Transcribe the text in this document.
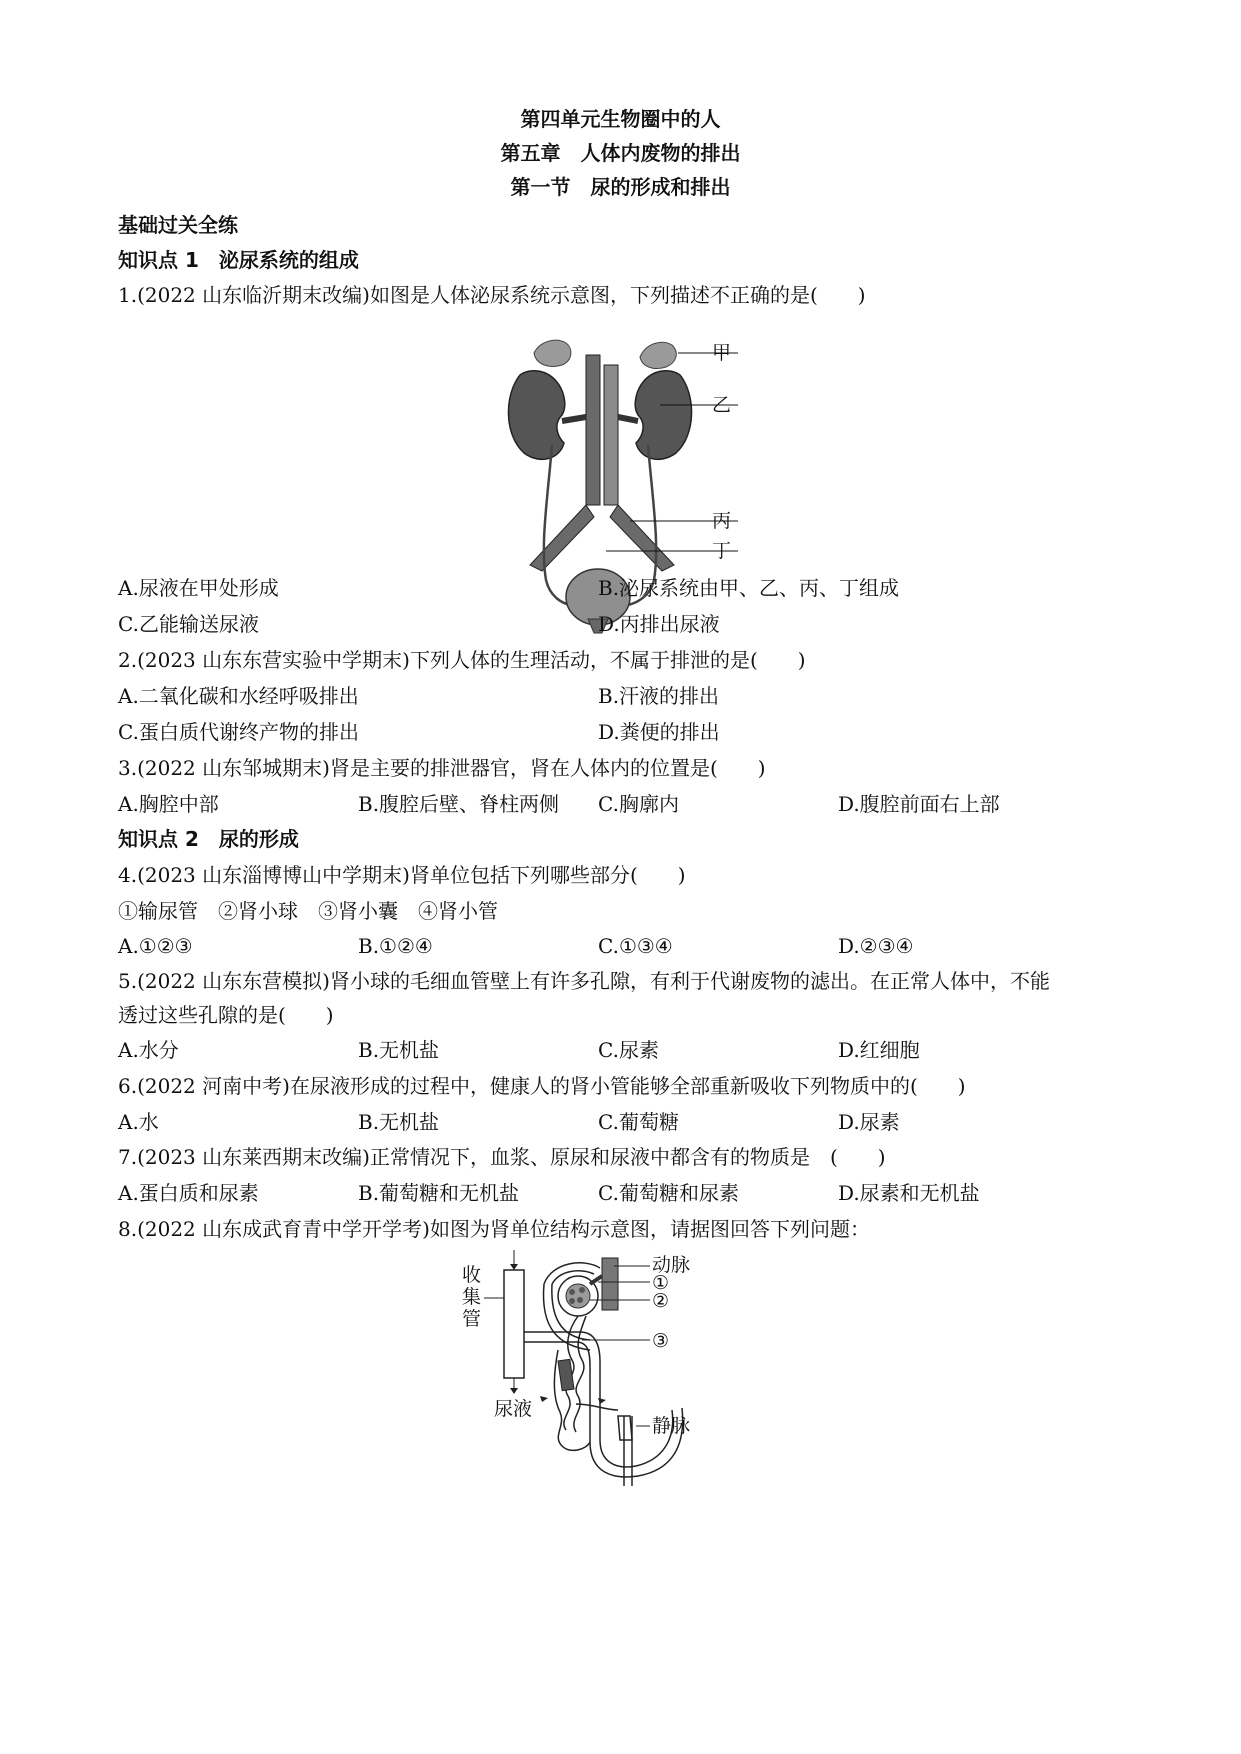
第四单元生物圈中的人
第五章　人体内废物的排出
第一节　尿的形成和排出
基础过关全练
知识点 1　泌尿系统的组成
1.(2022 山东临沂期末改编)如图是人体泌尿系统示意图，下列描述不正确的是(　　)
甲
乙
丙
丁
A.尿液在甲处形成	B.泌尿系统由甲、乙、丙、丁组成
C.乙能输送尿液	D.丙排出尿液
2.(2023 山东东营实验中学期末)下列人体的生理活动，不属于排泄的是(　　)
A.二氧化碳和水经呼吸排出	B.汗液的排出
C.蛋白质代谢终产物的排出	D.粪便的排出
3.(2022 山东邹城期末)肾是主要的排泄器官，肾在人体内的位置是(　　)
A.胸腔中部	B.腹腔后壁、脊柱两侧 C.胸廓内	D.腹腔前面右上部
知识点 2　尿的形成
4.(2023 山东淄博博山中学期末)肾单位包括下列哪些部分(　　)
①输尿管　②肾小球　③肾小囊　④肾小管
A.①②③	B.①②④	C.①③④	D.②③④
5.(2022 山东东营模拟)肾小球的毛细血管壁上有许多孔隙，有利于代谢废物的滤出。在正常人体中，不能
透过这些孔隙的是(　　)
A.水分	B.无机盐	C.尿素	D.红细胞
6.(2022 河南中考)在尿液形成的过程中，健康人的肾小管能够全部重新吸收下列物质中的(　　)
A.水	B.无机盐	C.葡萄糖	D.尿素
7.(2023 山东莱西期末改编)正常情况下，血浆、原尿和尿液中都含有的物质是　(　　)
A.蛋白质和尿素	B.葡萄糖和无机盐	C.葡萄糖和尿素	D.尿素和无机盐
8.(2022 山东成武育青中学开学考)如图为肾单位结构示意图，请据图回答下列问题：
收
集
管
尿液
动脉
①
②
③
静脉
